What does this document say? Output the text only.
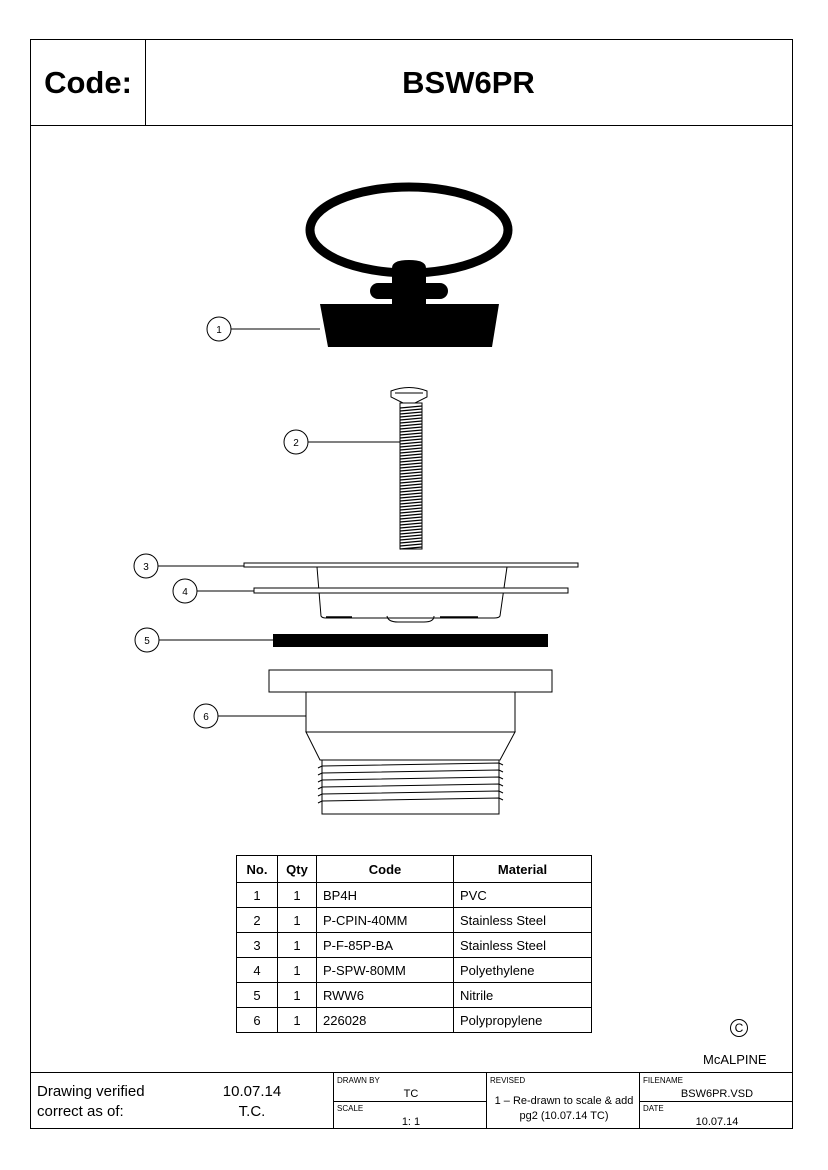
Code:	BSW6PR
1
2
3
4
5
6
No.	Qty	Code	Material
1	1	BP4H	PVC
2	1	P-CPIN-40MM	Stainless Steel
3	1	P-F-85P-BA	Stainless Steel
4	1	P-SPW-80MM	Polyethylene
5	1	RWW6	Nitrile
6	1	226028	Polypropylene
C
McALPINE
Drawing verified
correct as of:
10.07.14
T.C.
DRAWN BY
TC
SCALE
1: 1
REVISED
1 – Re-drawn to scale & add
pg2 (10.07.14 TC)
FILENAME
BSW6PR.VSD
DATE
10.07.14
